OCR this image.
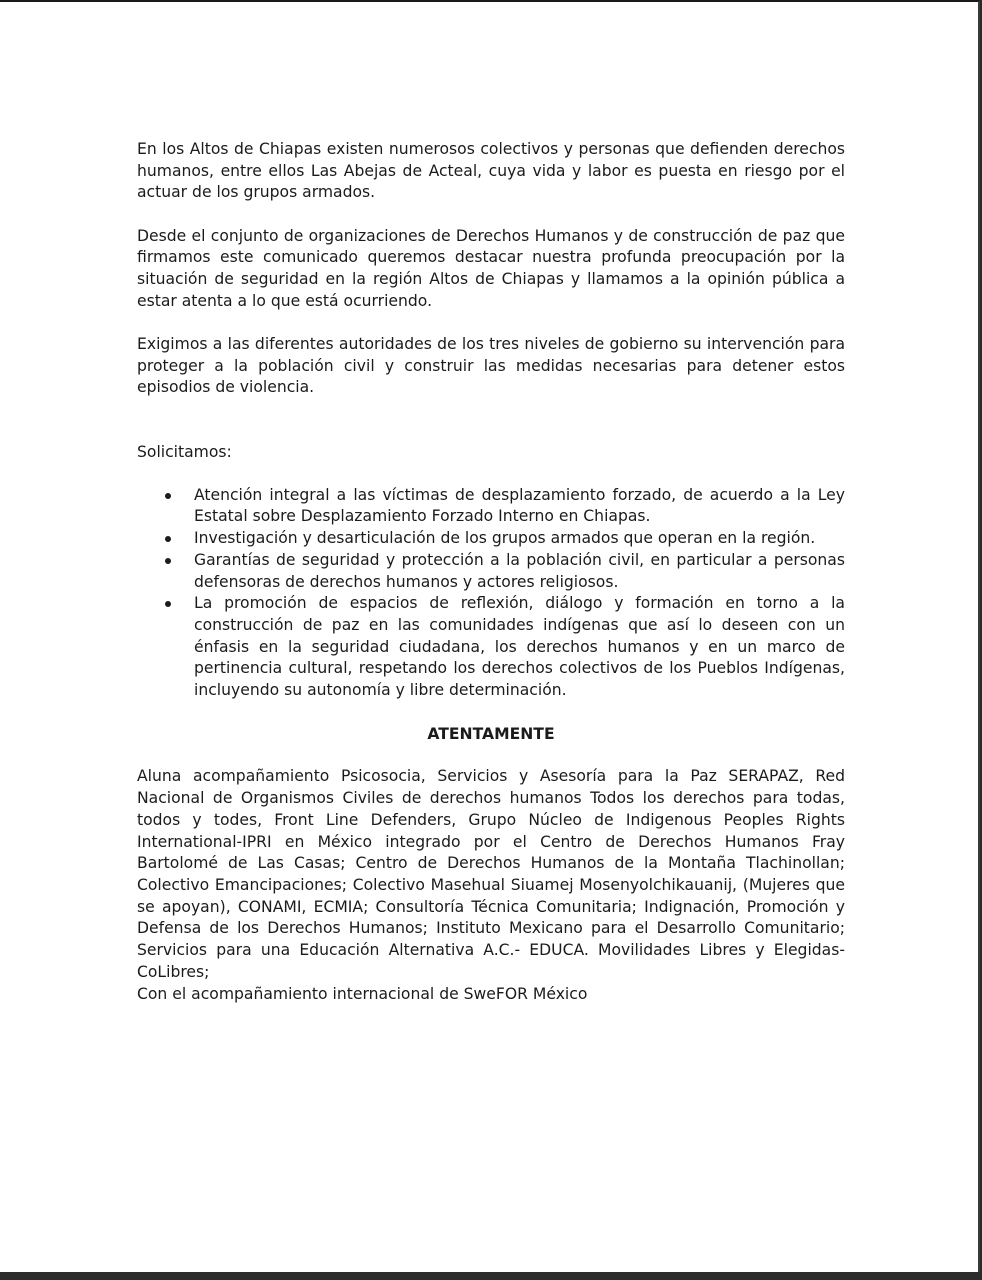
En los Altos de Chiapas existen numerosos colectivos y personas que defienden derechos humanos, entre ellos Las Abejas de Acteal, cuya vida y labor es puesta en riesgo por el actuar de los grupos armados.

Desde el conjunto de organizaciones de Derechos Humanos y de construcción de paz que firmamos este comunicado queremos destacar nuestra profunda preocupación por la situación de seguridad en la región Altos de Chiapas y llamamos a la opinión pública a estar atenta a lo que está ocurriendo.

Exigimos a las diferentes autoridades de los tres niveles de gobierno su intervención para proteger a la población civil y construir las medidas necesarias para detener estos episodios de violencia.

Solicitamos:

Atención integral a las víctimas de desplazamiento forzado, de acuerdo a la Ley Estatal sobre Desplazamiento Forzado Interno en Chiapas.
Investigación y desarticulación de los grupos armados que operan en la región.
Garantías de seguridad y protección a la población civil, en particular a personas defensoras de derechos humanos y actores religiosos.
La promoción de espacios de reflexión, diálogo y formación en torno a la construcción de paz en las comunidades indígenas que así lo deseen con un énfasis en la seguridad ciudadana, los derechos humanos y en un marco de pertinencia cultural, respetando los derechos colectivos de los Pueblos Indígenas, incluyendo su autonomía y libre determinación.

ATENTAMENTE

Aluna acompañamiento Psicosocia, Servicios y Asesoría para la Paz SERAPAZ, Red Nacional de Organismos Civiles de derechos humanos Todos los derechos para todas, todos y todes, Front Line Defenders, Grupo Núcleo de Indigenous Peoples Rights International-IPRI en México integrado por el Centro de Derechos Humanos Fray Bartolomé de Las Casas; Centro de Derechos Humanos de la Montaña Tlachinollan; Colectivo Emancipaciones; Colectivo Masehual Siuamej Mosenyolchikauanij, (Mujeres que se apoyan), CONAMI, ECMIA; Consultoría Técnica Comunitaria; Indignación, Promoción y Defensa de los Derechos Humanos; Instituto Mexicano para el Desarrollo Comunitario; Servicios para una Educación Alternativa A.C.- EDUCA. Movilidades Libres y Elegidas-CoLibres;

Con el acompañamiento internacional de SweFOR México
